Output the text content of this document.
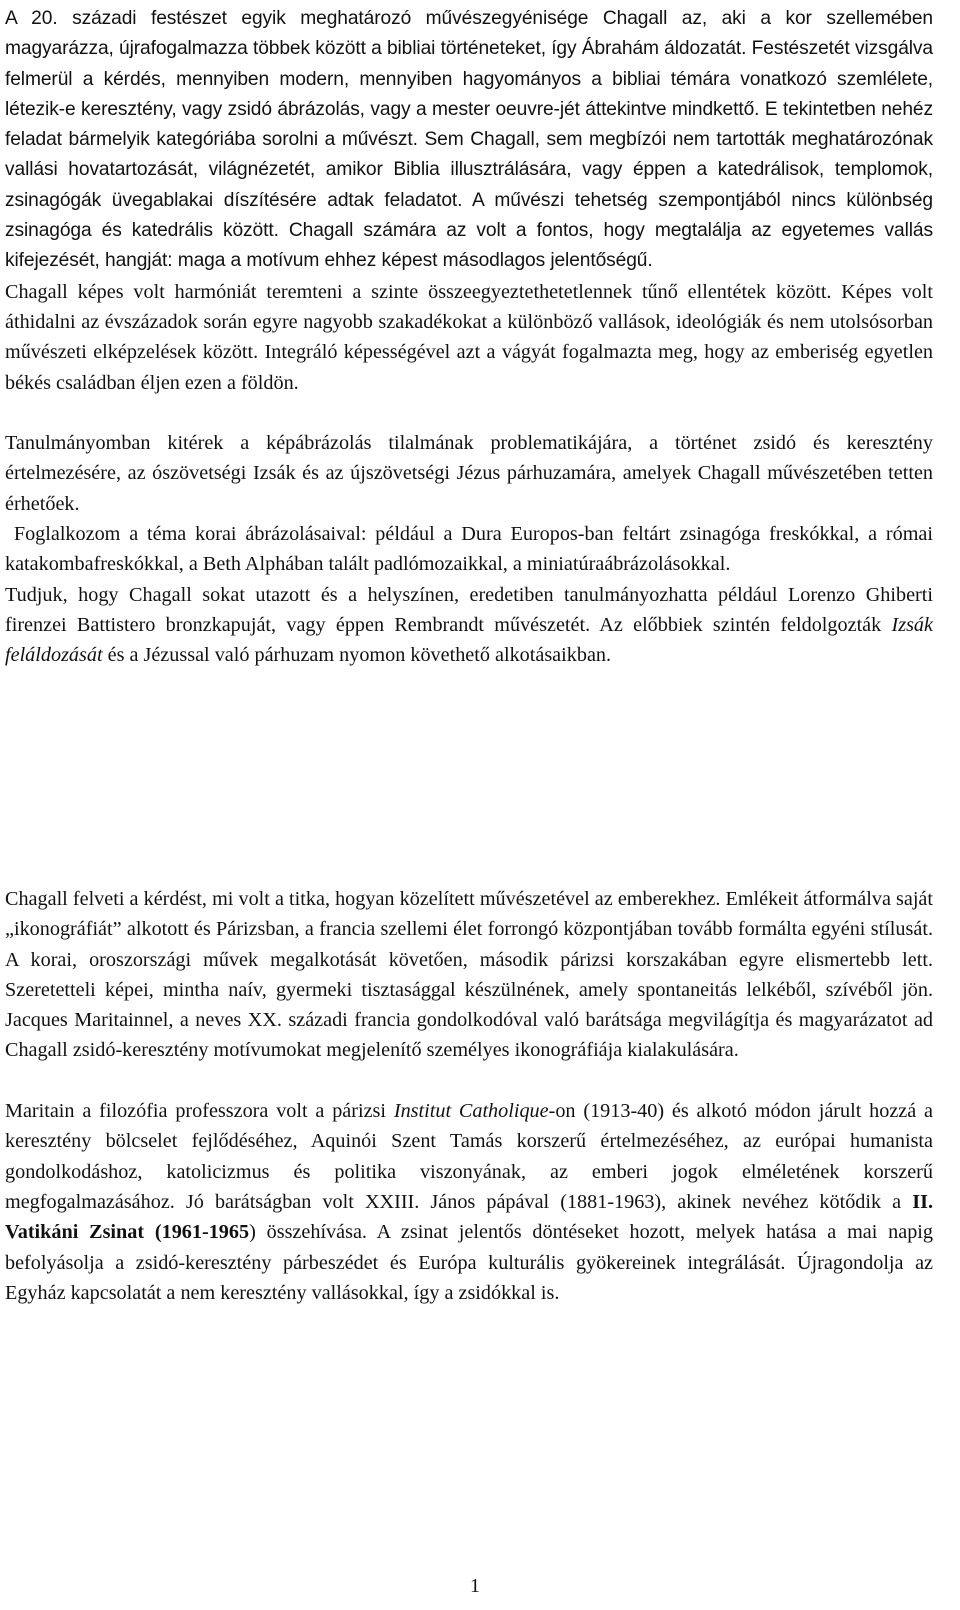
A 20. századi festészet egyik meghatározó művészegyénisége Chagall az, aki a kor szellemében magyarázza, újrafogalmazza többek között a bibliai történeteket, így Ábrahám áldozatát. Festészetét vizsgálva felmerül a kérdés, mennyiben modern, mennyiben hagyományos a bibliai témára vonatkozó szemlélete, létezik-e keresztény, vagy zsidó ábrázolás, vagy a mester oeuvre-jét áttekintve mindkettő. E tekintetben nehéz feladat bármelyik kategóriába sorolni a művészt. Sem Chagall, sem megbízói nem tartották meghatározónak vallási hovatartozását, világnézetét, amikor Biblia illusztrálására, vagy éppen a katedrálisok, templomok, zsinagógák üvegablakai díszítésére adtak feladatot. A művészi tehetség szempontjából nincs különbség zsinagóga és katedrális között. Chagall számára az volt a fontos, hogy megtalálja az egyetemes vallás kifejezését, hangját: maga a motívum ehhez képest másodlagos jelentőségű.

Chagall képes volt harmóniát teremteni a szinte összeegyeztethetetlennek tűnő ellentétek között. Képes volt áthidalni az évszázadok során egyre nagyobb szakadékokat a különböző vallások, ideológiák és nem utolsósorban művészeti elképzelések között. Integráló képességével azt a vágyát fogalmazta meg, hogy az emberiség egyetlen békés családban éljen ezen a földön.

Tanulmányomban kitérek a képábrázolás tilalmának problematikájára, a történet zsidó és keresztény értelmezésére, az ószövetségi Izsák és az újszövetségi Jézus párhuzamára, amelyek Chagall művészetében tetten érhetőek.

Foglalkozom a téma korai ábrázolásaival: például a Dura Europos-ban feltárt zsinagóga freskókkal, a római katakombafreskókkal, a Beth Alphában talált padlómozaikkal, a miniatúraábrázolásokkal.

Tudjuk, hogy Chagall sokat utazott és a helyszínen, eredetiben tanulmányozhatta például Lorenzo Ghiberti firenzei Battistero bronzkapuját, vagy éppen Rembrandt művészetét. Az előbbiek szintén feldolgozták Izsák feláldozását és a Jézussal való párhuzam nyomon követhető alkotásaikban.

Chagall felveti a kérdést, mi volt a titka, hogyan közelített művészetével az emberekhez. Emlékeit átformálva saját „ikonográfiát” alkotott és Párizsban, a francia szellemi élet forrongó központjában tovább formálta egyéni stílusát. A korai, oroszországi művek megalkotását követően, második párizsi korszakában egyre elismertebb lett. Szeretetteli képei, mintha naív, gyermeki tisztasággal készülnének, amely spontaneitás lelkéből, szívéből jön.  Jacques Maritainnel, a neves XX. századi francia gondolkodóval való barátsága megvilágítja és magyarázatot ad Chagall zsidó-keresztény motívumokat megjelenítő személyes ikonográfiája kialakulására.

Maritain a filozófia professzora volt a párizsi Institut Catholique-on (1913-40) és alkotó módon járult hozzá a keresztény bölcselet fejlődéséhez, Aquinói Szent Tamás korszerű értelmezéséhez, az európai humanista gondolkodáshoz, katolicizmus és politika viszonyának, az emberi jogok elméletének korszerű megfogalmazásához. Jó barátságban volt XXIII. János pápával (1881-1963), akinek nevéhez kötődik a II. Vatikáni Zsinat (1961-1965) összehívása. A zsinat jelentős döntéseket hozott, melyek hatása a mai napig befolyásolja a zsidó-keresztény párbeszédet és Európa kulturális gyökereinek integrálását. Újragondolja az Egyház kapcsolatát a nem keresztény vallásokkal, így a zsidókkal is.

1
